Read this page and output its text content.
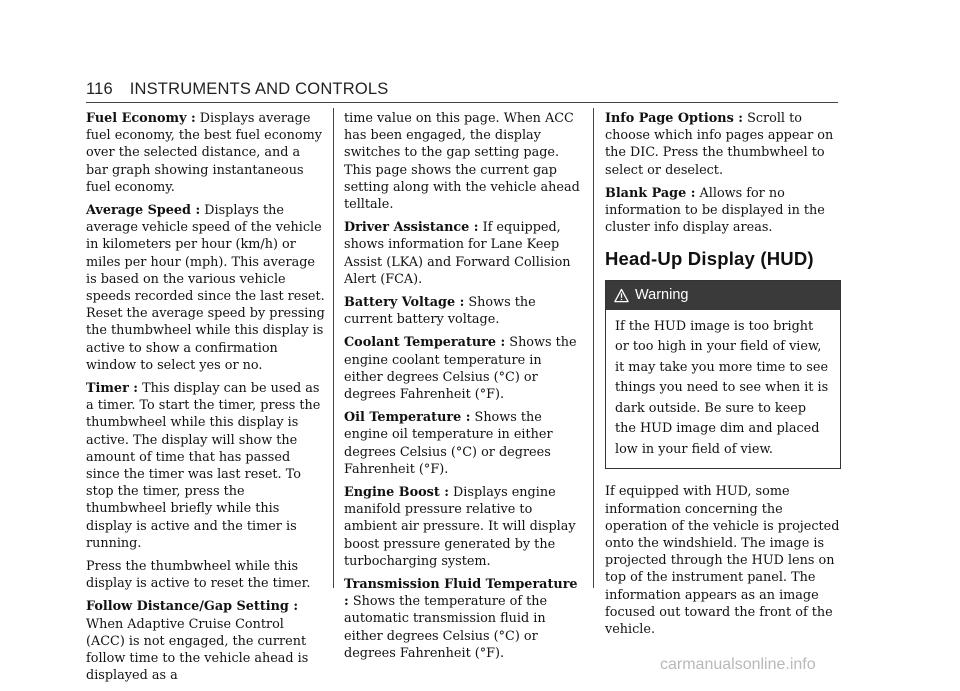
116 INSTRUMENTS AND CONTROLS

Fuel Economy : Displays average fuel economy, the best fuel economy over the selected distance, and a bar graph showing instantaneous fuel economy.

Average Speed : Displays the average vehicle speed of the vehicle in kilometers per hour (km/h) or miles per hour (mph). This average is based on the various vehicle speeds recorded since the last reset. Reset the average speed by pressing the thumbwheel while this display is active to show a confirmation window to select yes or no.

Timer : This display can be used as a timer. To start the timer, press the thumbwheel while this display is active. The display will show the amount of time that has passed since the timer was last reset. To stop the timer, press the thumbwheel briefly while this display is active and the timer is running.

Press the thumbwheel while this display is active to reset the timer.

Follow Distance/Gap Setting : When Adaptive Cruise Control (ACC) is not engaged, the current follow time to the vehicle ahead is displayed as a

time value on this page. When ACC has been engaged, the display switches to the gap setting page. This page shows the current gap setting along with the vehicle ahead telltale.

Driver Assistance : If equipped, shows information for Lane Keep Assist (LKA) and Forward Collision Alert (FCA).

Battery Voltage : Shows the current battery voltage.

Coolant Temperature : Shows the engine coolant temperature in either degrees Celsius (°C) or degrees Fahrenheit (°F).

Oil Temperature : Shows the engine oil temperature in either degrees Celsius (°C) or degrees Fahrenheit (°F).

Engine Boost : Displays engine manifold pressure relative to ambient air pressure. It will display boost pressure generated by the turbocharging system.

Transmission Fluid Temperature : Shows the temperature of the automatic transmission fluid in either degrees Celsius (°C) or degrees Fahrenheit (°F).

Info Page Options : Scroll to choose which info pages appear on the DIC. Press the thumbwheel to select or deselect.

Blank Page : Allows for no information to be displayed in the cluster info display areas.

Head-Up Display (HUD)
Warning
If the HUD image is too bright or too high in your field of view, it may take you more time to see things you need to see when it is dark outside. Be sure to keep the HUD image dim and placed low in your field of view.

If equipped with HUD, some information concerning the operation of the vehicle is projected onto the windshield. The image is projected through the HUD lens on top of the instrument panel. The information appears as an image focused out toward the front of the vehicle.

carmanualsonline.info
